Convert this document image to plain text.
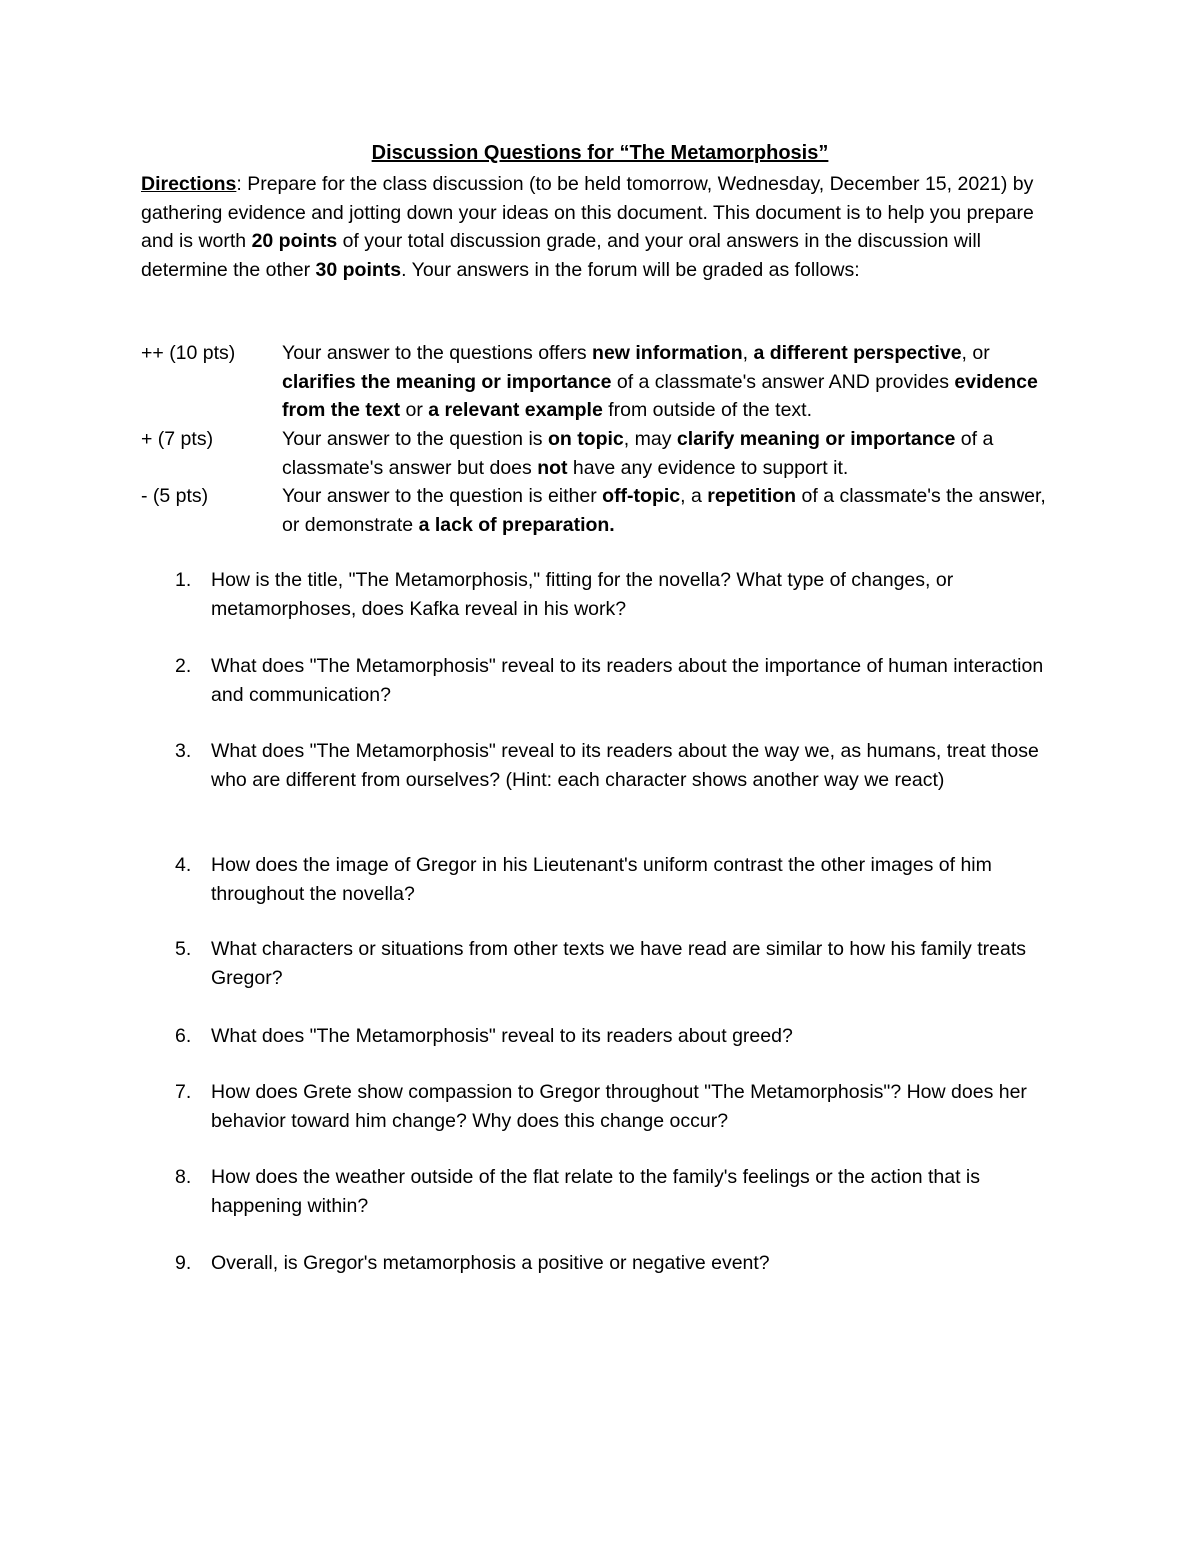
Discussion Questions for “The Metamorphosis”

Directions: Prepare for the class discussion (to be held tomorrow, Wednesday, December 15, 2021) by gathering evidence and jotting down your ideas on this document. This document is to help you prepare and is worth 20 points of your total discussion grade, and your oral answers in the discussion will determine the other 30 points. Your answers in the forum will be graded as follows:

++ (10 pts) Your answer to the questions offers new information, a different perspective, or clarifies the meaning or importance of a classmate's answer AND provides evidence from the text or a relevant example from outside of the text.
+ (7 pts)	Your answer to the question is on topic, may clarify meaning or importance of a classmate's answer but does not have any evidence to support it.
- (5 pts)	Your answer to the question is either off-topic, a repetition of a classmate's the answer, or demonstrate a lack of preparation.
1. How is the title, "The Metamorphosis," fitting for the novella? What type of changes, or metamorphoses, does Kafka reveal in his work?
2. What does "The Metamorphosis" reveal to its readers about the importance of human interaction and communication?
3. What does "The Metamorphosis" reveal to its readers about the way we, as humans, treat those who are different from ourselves? (Hint: each character shows another way we react)
4. How does the image of Gregor in his Lieutenant's uniform contrast the other images of him throughout the novella?
5. What characters or situations from other texts we have read are similar to how his family treats Gregor?
6. What does "The Metamorphosis" reveal to its readers about greed?
7. How does Grete show compassion to Gregor throughout "The Metamorphosis"? How does her behavior toward him change? Why does this change occur?
8. How does the weather outside of the flat relate to the family's feelings or the action that is happening within?
9. Overall, is Gregor's metamorphosis a positive or negative event?
